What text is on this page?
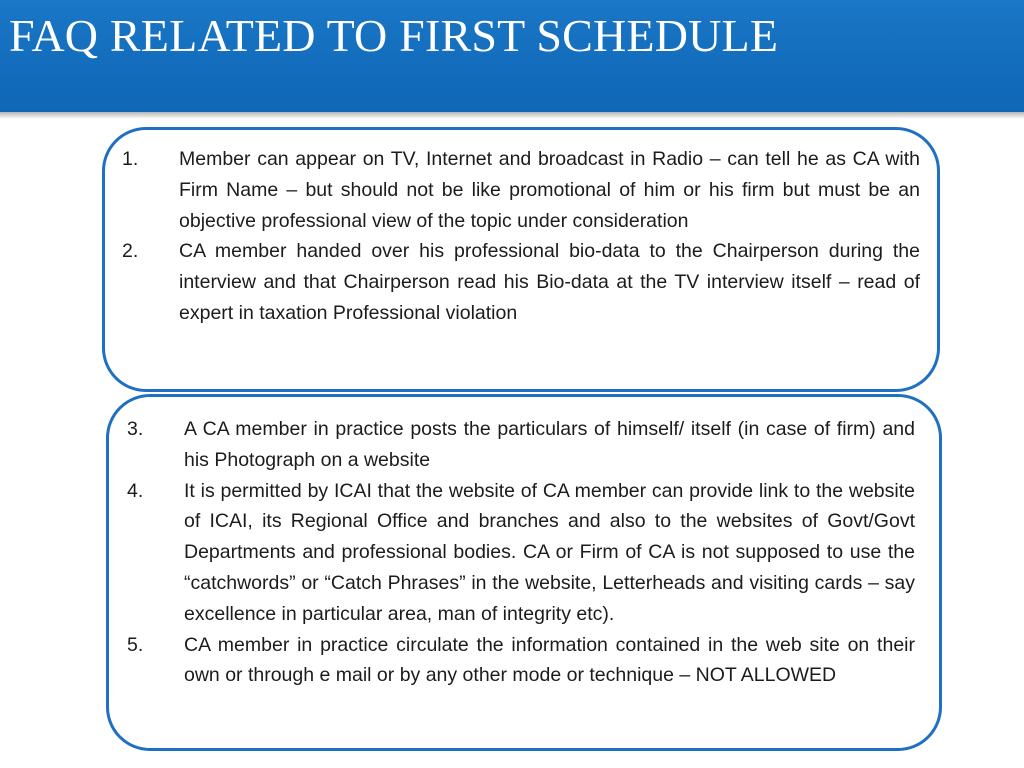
FAQ RELATED TO FIRST SCHEDULE
1. Member can appear on TV, Internet and broadcast in Radio – can tell he as CA with Firm Name – but should not be like promotional of him or his firm but must be an objective professional view of the topic under consideration
2. CA member handed over his professional bio-data to the Chairperson during the interview and that Chairperson read his Bio-data at the TV interview itself – read of expert in taxation Professional violation
3. A CA member in practice posts the particulars of himself/ itself (in case of firm) and his Photograph on a website
4. It is permitted by ICAI that the website of CA member can provide link to the website of ICAI, its Regional Office and branches and also to the websites of Govt/Govt Departments and professional bodies. CA or Firm of CA is not supposed to use the “catchwords” or “Catch Phrases” in the website, Letterheads and visiting cards – say excellence in particular area, man of integrity etc).
5. CA member in practice circulate the information contained in the web site on their own or through e mail or by any other mode or technique – NOT ALLOWED
